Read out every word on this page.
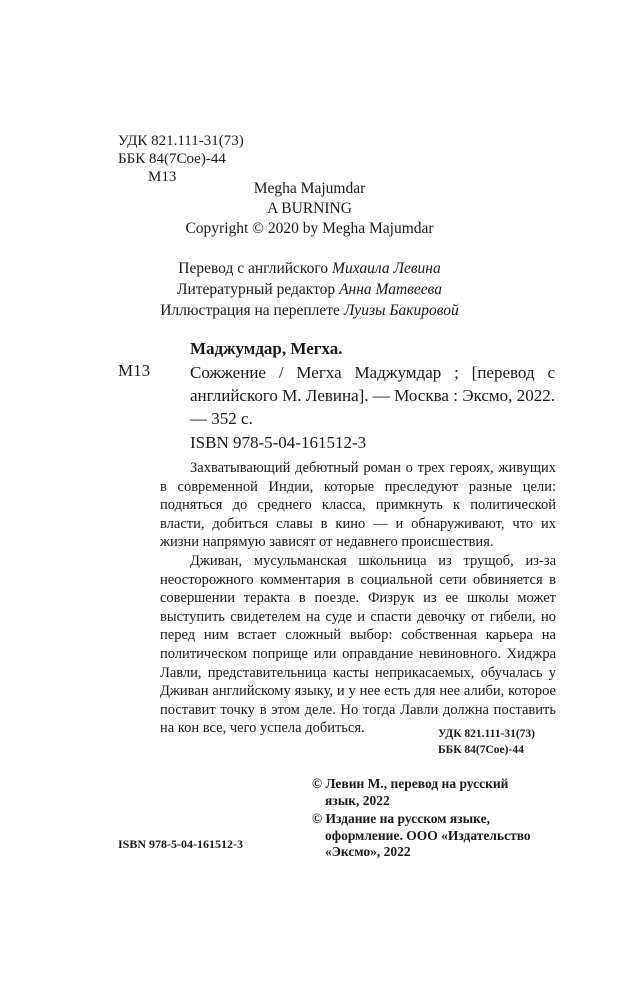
УДК 821.111-31(73)
ББК 84(7Сое)-44
М13
Megha Majumdar
A BURNING
Copyright © 2020 by Megha Majumdar
Перевод с английского Михаила Левина
Литературный редактор Анна Матвеева
Иллюстрация на переплете Луизы Бакировой
Маджумдар, Мегха.
М13 Сожжение / Мегха Маджумдар ; [перевод с английского М. Левина]. — Москва : Эксмо, 2022. — 352 с.

ISBN 978-5-04-161512-3

Захватывающий дебютный роман о трех героях, живущих в современной Индии, которые преследуют разные цели: подняться до среднего класса, примкнуть к политической власти, добиться славы в кино — и обнаруживают, что их жизни напрямую зависят от недавнего происшествия.

Дживан, мусульманская школьница из трущоб, из-за неосторожного комментария в социальной сети обвиняется в совершении теракта в поезде. Физрук из ее школы может выступить свидетелем на суде и спасти девочку от гибели, но перед ним встает сложный выбор: собственная карьера на политическом поприще или оправдание невиновного. Хиджра Лавли, представительница касты неприкасаемых, обучалась у Дживан английскому языку, и у нее есть для нее алиби, которое поставит точку в этом деле. Но тогда Лавли должна поставить на кон все, чего успела добиться.	УДК 821.111-31(73)
ББК 84(7Сое)-44
© Левин М., перевод на русский
язык, 2022
© Издание на русском языке,
оформление. ООО «Издательство
«Эксмо», 2022
ISBN 978-5-04-161512-3
